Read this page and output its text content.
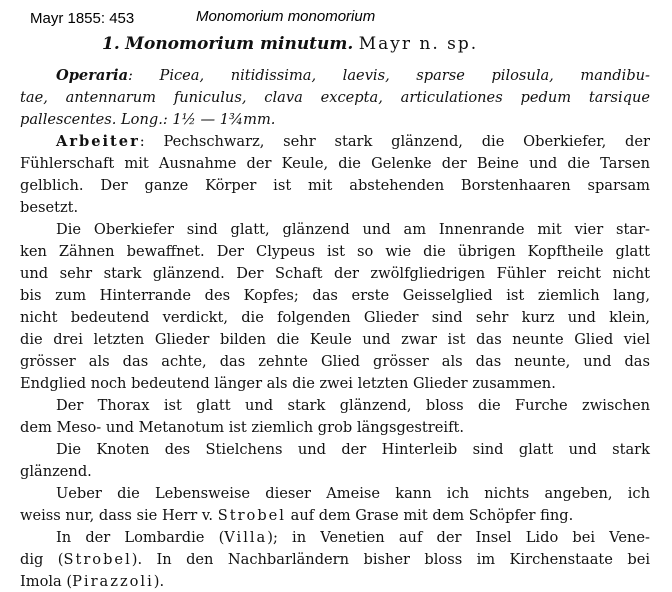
Mayr 1855: 453	Monomorium monomorium
1. Monomorium minutum. Mayr n. sp.
Operaria: Picea, nitidissima, laevis, sparse pilosula, mandibu-
tae, antennarum funiculus, clava excepta, articulationes pedum tarsique
pallescentes. Long.: 1½ — 1¾mm.
Arbeiter: Pechschwarz, sehr stark glänzend, die Oberkiefer, der
Fühlerschaft mit Ausnahme der Keule, die Gelenke der Beine und die Tarsen
gelblich. Der ganze Körper ist mit abstehenden Borstenhaaren sparsam
besetzt.
Die Oberkiefer sind glatt, glänzend und am Innenrande mit vier star-
ken Zähnen bewaffnet. Der Clypeus ist so wie die übrigen Kopftheile glatt
und sehr stark glänzend. Der Schaft der zwölfgliedrigen Fühler reicht nicht
bis zum Hinterrande des Kopfes; das erste Geisselglied ist ziemlich lang,
nicht bedeutend verdickt, die folgenden Glieder sind sehr kurz und klein,
die drei letzten Glieder bilden die Keule und zwar ist das neunte Glied viel
grösser als das achte, das zehnte Glied grösser als das neunte, und das
Endglied noch bedeutend länger als die zwei letzten Glieder zusammen.
Der Thorax ist glatt und stark glänzend, bloss die Furche zwischen
dem Meso- und Metanotum ist ziemlich grob längsgestreift.
Die Knoten des Stielchens und der Hinterleib sind glatt und stark
glänzend.
Ueber die Lebensweise dieser Ameise kann ich nichts angeben, ich
weiss nur, dass sie Herr v. Strobel auf dem Grase mit dem Schöpfer fing.
In der Lombardie (Villa); in Venetien auf der Insel Lido bei Vene-
dig (Strobel). In den Nachbarländern bisher bloss im Kirchenstaate bei
Imola (Pirazzoli).
